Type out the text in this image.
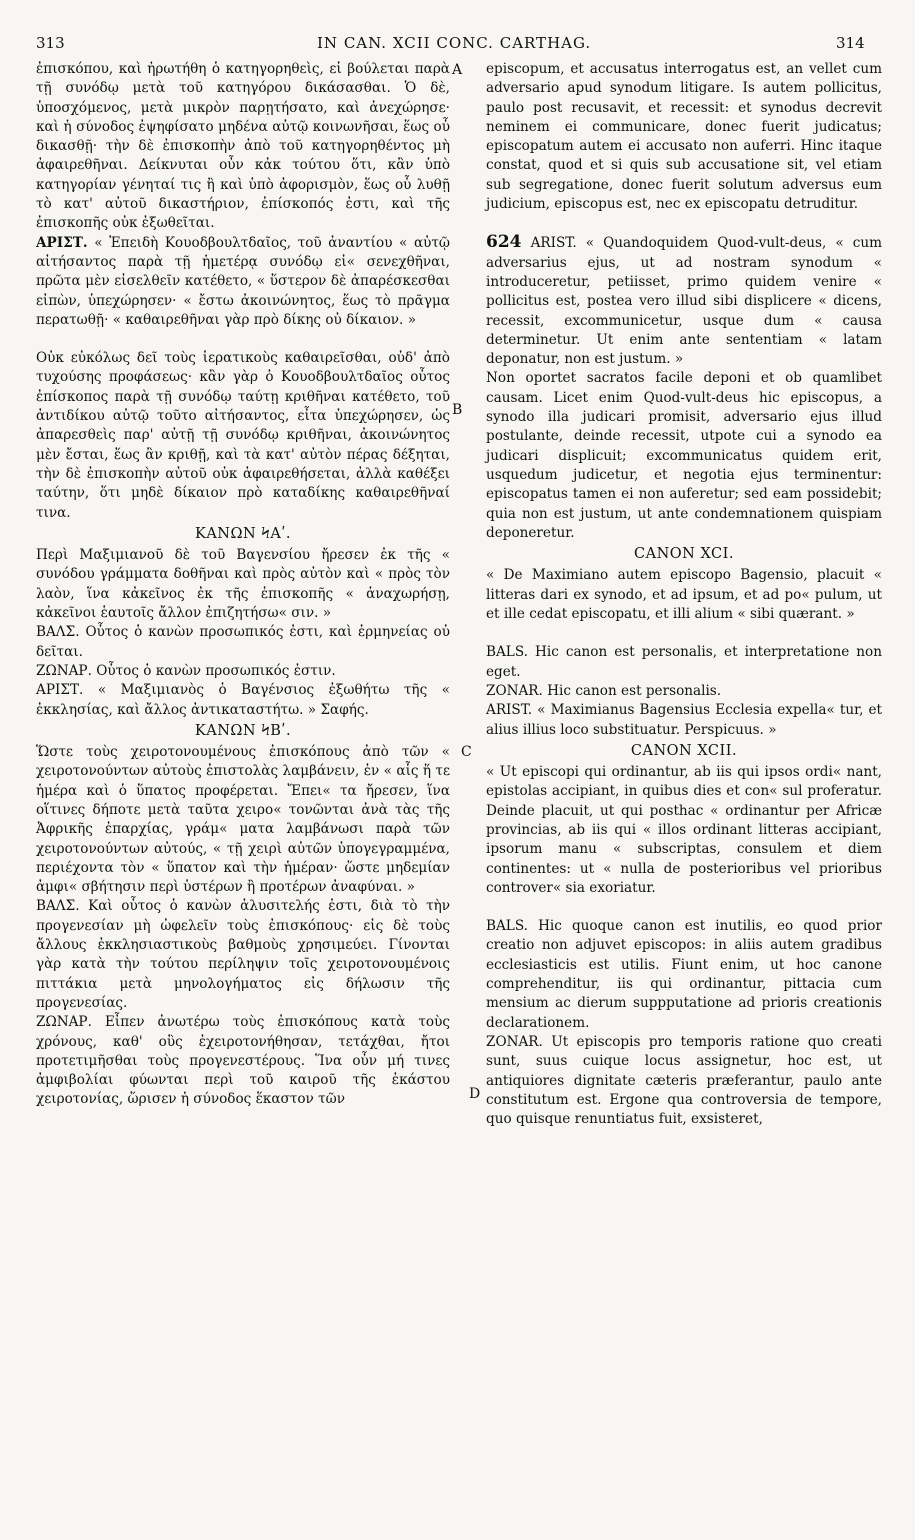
313	IN CAN. XCII CONC. CARTHAG.	314
A
B
C
D

ἐπισκόπου, καὶ ἠρωτήθη ὁ κατηγορηθεὶς, εἰ βούλεται παρὰ τῇ συνόδῳ μετὰ τοῦ κατηγόρου δικάσασθαι. Ὁ δὲ, ὑποσχόμενος, μετὰ μικρὸν παρῃτήσατο, καὶ ἀνεχώρησε· καὶ ἡ σύνοδος ἐψηφίσατο μηδένα αὐτῷ κοινωνῆσαι, ἕως οὗ δικασθῇ· τὴν δὲ ἐπισκοπὴν ἀπὸ τοῦ κατηγορηθέντος μὴ ἀφαιρεθῆναι. Δείκνυται οὖν κἀκ τούτου ὅτι, κἂν ὑπὸ κατηγορίαν γένηταί τις ἢ καὶ ὑπὸ ἀφορισμὸν, ἕως οὗ λυθῇ τὸ κατ' αὐτοῦ δικαστήριον, ἐπίσκοπός ἐστι, καὶ τῆς ἐπισκοπῆς οὐκ ἐξωθεῖται.

ΑΡΙΣΤ. « Ἐπειδὴ Κουοδβουλτδαῖος, τοῦ ἀναντίου « αὐτῷ αἰτήσαντος παρὰ τῇ ἡμετέρᾳ συνόδῳ εἰ« σενεχθῆναι, πρῶτα μὲν εἰσελθεῖν κατέθετο, « ὕστερον δὲ ἀπαρέσκεσθαι εἰπὼν, ὑπεχώρησεν· « ἔστω ἀκοινώνητος, ἕως τὸ πρᾶγμα περατωθῇ· « καθαιρεθῆναι γὰρ πρὸ δίκης οὐ δίκαιον. »

Οὐκ εὐκόλως δεῖ τοὺς ἱερατικοὺς καθαιρεῖσθαι, οὐδ' ἀπὸ τυχούσης προφάσεως· κἂν γὰρ ὁ Κουοδβουλτδαῖος οὗτος ἐπίσκοπος παρὰ τῇ συνόδῳ ταύτῃ κριθῆναι κατέθετο, τοῦ ἀντιδίκου αὐτῷ τοῦτο αἰτήσαντος, εἶτα ὑπεχώρησεν, ὡς ἀπαρεσθεὶς παρ' αὐτῇ τῇ συνόδῳ κριθῆναι, ἀκοινώνητος μὲν ἔσται, ἕως ἂν κριθῇ, καὶ τὰ κατ' αὐτὸν πέρας δέξηται, τὴν δὲ ἐπισκοπὴν αὐτοῦ οὐκ ἀφαιρεθήσεται, ἀλλὰ καθέξει ταύτην, ὅτι μηδὲ δίκαιον πρὸ καταδίκης καθαιρεθῆναί τινα.

ΚΑΝΩΝ ϞΑʹ.

Περὶ Μαξιμιανοῦ δὲ τοῦ Βαγενσίου ἤρεσεν ἐκ τῆς « συνόδου γράμματα δοθῆναι καὶ πρὸς αὐτὸν καὶ « πρὸς τὸν λαὸν, ἵνα κἀκεῖνος ἐκ τῆς ἐπισκοπῆς « ἀναχωρήσῃ, κἀκεῖνοι ἑαυτοῖς ἄλλον ἐπιζητήσω« σιν. »

ΒΑΛΣ. Οὗτος ὁ κανὼν προσωπικός ἐστι, καὶ ἑρμηνείας οὐ δεῖται.

ΖΩΝΑΡ. Οὗτος ὁ κανὼν προσωπικός ἐστιν.

ΑΡΙΣΤ. « Μαξιμιανὸς ὁ Βαγένσιος ἐξωθήτω τῆς « ἐκκλησίας, καὶ ἄλλος ἀντικαταστήτω. » Σαφής.

ΚΑΝΩΝ ϞΒʹ.

Ὥστε τοὺς χειροτονουμένους ἐπισκόπους ἀπὸ τῶν « χειροτονούντων αὐτοὺς ἐπιστολὰς λαμβάνειν, ἐν « αἷς ἥ τε ἡμέρα καὶ ὁ ὕπατος προφέρεται. Ἔπει« τα ἤρεσεν, ἵνα οἵτινες δήποτε μετὰ ταῦτα χειρο« τονῶνται ἀνὰ τὰς τῆς Ἀφρικῆς ἐπαρχίας, γράμ« ματα λαμβάνωσι παρὰ τῶν χειροτονούντων αὐτούς, « τῇ χειρὶ αὐτῶν ὑπογεγραμμένα, περιέχοντα τὸν « ὕπατον καὶ τὴν ἡμέραν· ὥστε μηδεμίαν ἀμφι« σβήτησιν περὶ ὑστέρων ἢ προτέρων ἀναφύναι. »

ΒΑΛΣ. Καὶ οὗτος ὁ κανὼν ἀλυσιτελής ἐστι, διὰ τὸ τὴν προγενεσίαν μὴ ὠφελεῖν τοὺς ἐπισκόπους· εἰς δὲ τοὺς ἄλλους ἐκκλησιαστικοὺς βαθμοὺς χρησιμεύει. Γίνονται γὰρ κατὰ τὴν τούτου περίληψιν τοῖς χειροτονουμένοις πιττάκια μετὰ μηνολογήματος εἰς δήλωσιν τῆς προγενεσίας.

ΖΩΝΑΡ. Εἶπεν ἀνωτέρω τοὺς ἐπισκόπους κατὰ τοὺς χρόνους, καθ' οὓς ἐχειροτονήθησαν, τετάχθαι, ἤτοι προτετιμῆσθαι τοὺς προγενεστέρους. Ἵνα οὖν μή τινες ἀμφιβολίαι φύωνται περὶ τοῦ καιροῦ τῆς ἑκάστου χειροτονίας, ὥρισεν ἡ σύνοδος ἕκαστον τῶν

episcopum, et accusatus interrogatus est, an vellet cum adversario apud synodum litigare. Is autem pollicitus, paulo post recusavit, et recessit: et synodus decrevit neminem ei communicare, donec fuerit judicatus; episcopatum autem ei accusato non auferri. Hinc itaque constat, quod et si quis sub accusatione sit, vel etiam sub segregatione, donec fuerit solutum adversus eum judicium, episcopus est, nec ex episcopatu detruditur.

624 ARIST. « Quandoquidem Quod-vult-deus, « cum adversarius ejus, ut ad nostram synodum « introduceretur, petiisset, primo quidem venire « pollicitus est, postea vero illud sibi displicere « dicens, recessit, excommunicetur, usque dum « causa determinetur. Ut enim ante sententiam « latam deponatur, non est justum. »

Non oportet sacratos facile deponi et ob quamlibet causam. Licet enim Quod-vult-deus hic episcopus, a synodo illa judicari promisit, adversario ejus illud postulante, deinde recessit, utpote cui a synodo ea judicari displicuit; excommunicatus quidem erit, usquedum judicetur, et negotia ejus terminentur: episcopatus tamen ei non auferetur; sed eam possidebit; quia non est justum, ut ante condemnationem quispiam deponeretur.

CANON XCI.

« De Maximiano autem episcopo Bagensio, placuit « litteras dari ex synodo, et ad ipsum, et ad po« pulum, ut et ille cedat episcopatu, et illi alium « sibi quærant. »

BALS. Hic canon est personalis, et interpretatione non eget.

ZONAR. Hic canon est personalis.

ARIST. « Maximianus Bagensius Ecclesia expella« tur, et alius illius loco substituatur. Perspicuus. »

CANON XCII.

« Ut episcopi qui ordinantur, ab iis qui ipsos ordi« nant, epistolas accipiant, in quibus dies et con« sul proferatur. Deinde placuit, ut qui posthac « ordinantur per Africæ provincias, ab iis qui « illos ordinant litteras accipiant, ipsorum manu « subscriptas, consulem et diem continentes: ut « nulla de posterioribus vel prioribus controver« sia exoriatur.

BALS. Hic quoque canon est inutilis, eo quod prior creatio non adjuvet episcopos: in aliis autem gradibus ecclesiasticis est utilis. Fiunt enim, ut hoc canone comprehenditur, iis qui ordinantur, pittacia cum mensium ac dierum suppputatione ad prioris creationis declarationem.

ZONAR. Ut episcopis pro temporis ratione quo creati sunt, suus cuique locus assignetur, hoc est, ut antiquiores dignitate cæteris præferantur, paulo ante constitutum est. Ergone qua controversia de tempore, quo quisque renuntiatus fuit, exsisteret,
